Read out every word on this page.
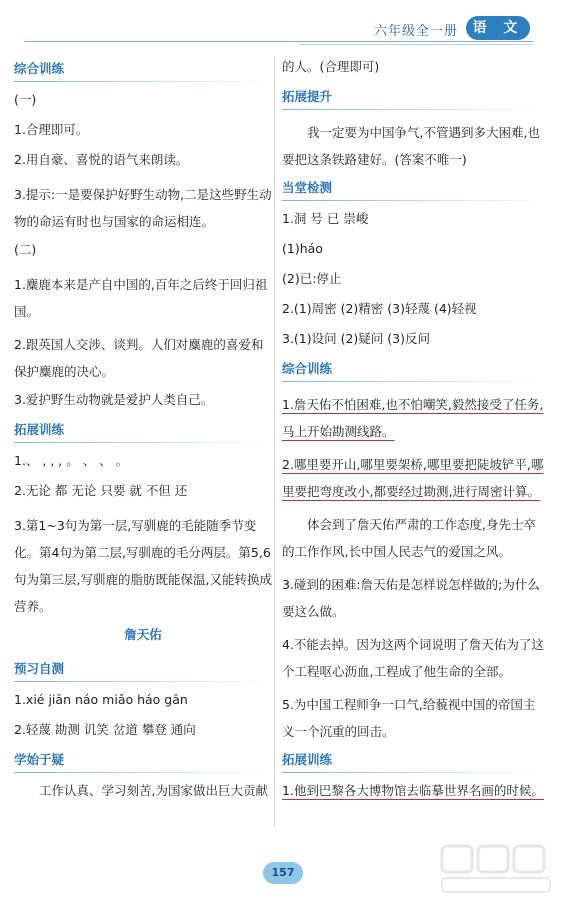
六年级全一册	语 文
综合训练
(一)
1.合理即可。
2.用自豪、喜悦的语气来朗读。
3.提示:一是要保护好野生动物,二是这些野生动物的命运有时也与国家的命运相连。
(二)
1.麋鹿本来是产自中国的,百年之后终于回归祖国。
2.跟英国人交涉、谈判。人们对麋鹿的喜爱和保护麋鹿的决心。
3.爱护野生动物就是爱护人类自己。
拓展训练
1.、 , , , 。 、 、 。
2.无论 都 无论 只要 就 不但 还
3.第1~3句为第一层,写驯鹿的毛能随季节变化。第4句为第二层,写驯鹿的毛分两层。第5,6句为第三层,写驯鹿的脂肪既能保温,又能转换成营养。
詹天佑
预习自测
1.xié jiān náo miǎo háo gān
2.轻蔑 勘测 讥笑 岔道 攀登 通向
学始于疑
工作认真、学习刻苦,为国家做出巨大贡献
的人。(合理即可)
拓展提升
我一定要为中国争气,不管遇到多大困难,也要把这条铁路建好。(答案不唯一)
当堂检测
1.洞 号 已 崇峻
(1)háo
(2)已:停止
2.(1)周密 (2)精密 (3)轻蔑 (4)轻视
3.(1)设问 (2)疑问 (3)反问
综合训练
1.詹天佑不怕困难,也不怕嘲笑,毅然接受了任务,马上开始勘测线路。
2.哪里要开山,哪里要架桥,哪里要把陡坡铲平,哪里要把弯度改小,都要经过勘测,进行周密计算。
体会到了詹天佑严肃的工作态度,身先士卒的工作作风,长中国人民志气的爱国之风。
3.碰到的困难:詹天佑是怎样说怎样做的;为什么要这么做。
4.不能去掉。因为这两个词说明了詹天佑为了这个工程呕心沥血,工程成了他生命的全部。
5.为中国工程师争一口气,给藐视中国的帝国主义一个沉重的回击。
拓展训练
1.他到巴黎各大博物馆去临摹世界名画的时候。
157
